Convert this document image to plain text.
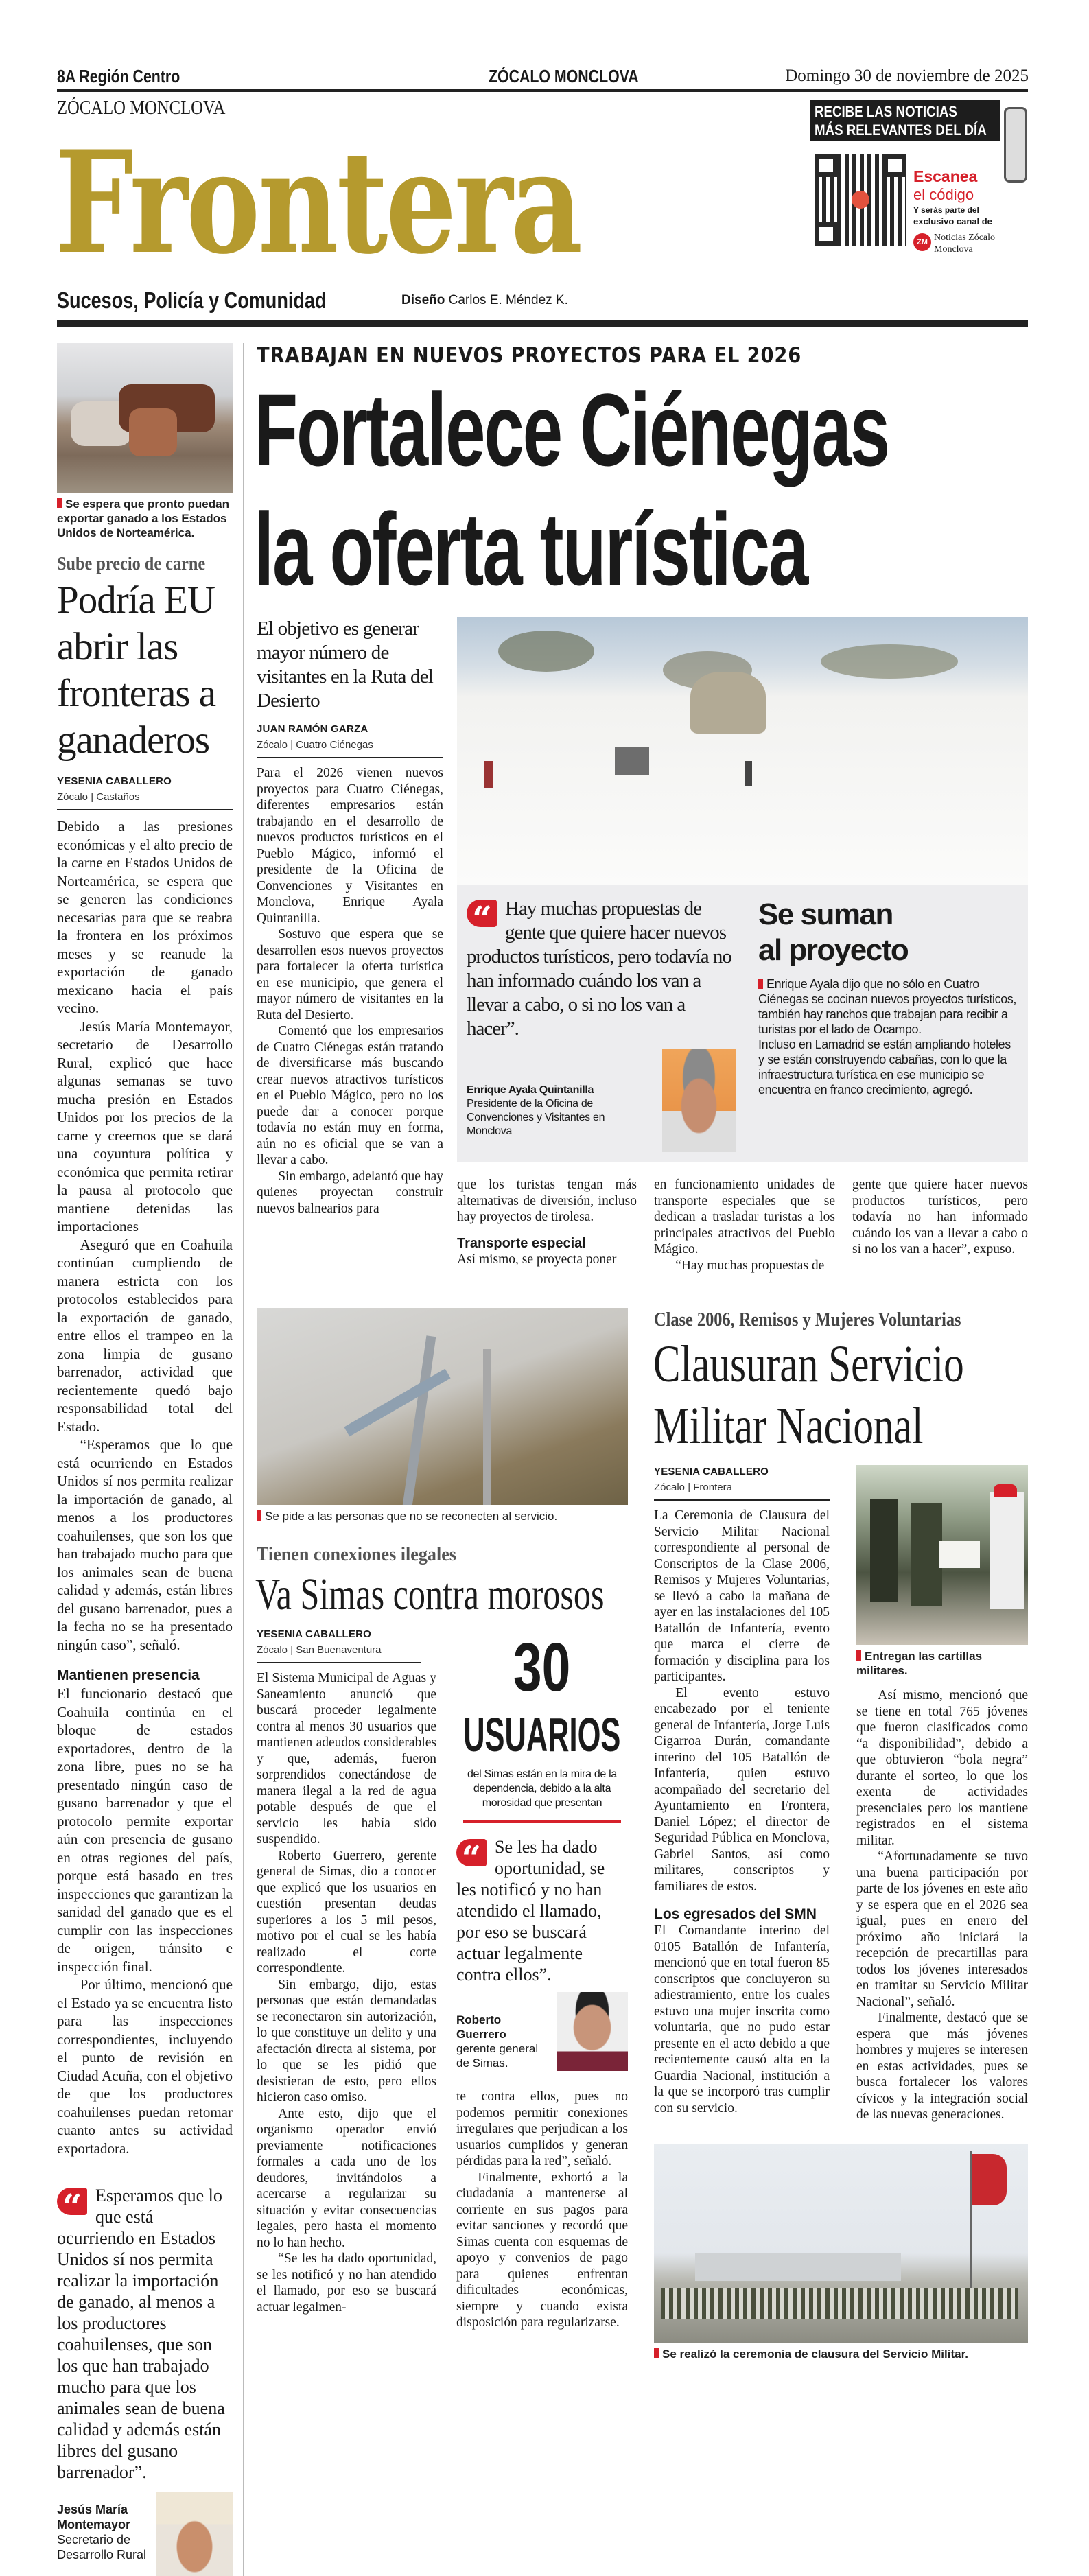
8A Región Centro	ZÓCALO MONCLOVA	Domingo 30 de noviembre de 2025
ZÓCALO MONCLOVA
Frontera
Sucesos, Policía y Comunidad	Diseño Carlos E. Méndez K.
RECIBE LAS NOTICIAS
MÁS RELEVANTES DEL DÍA
Escanea
el código
Y serás parte del
exclusivo canal de
ZM Noticias Zócalo
Monclova
Se espera que pronto puedan exportar ganado a los Estados Unidos de Norteamérica.
Sube precio de carne
Podría EU abrir las fronteras a ganaderos
YESENIA CABALLERO
Zócalo | Castaños

Debido a las presiones económicas y el alto precio de la carne en Estados Unidos de Norteamérica, se espera que se generen las condiciones necesarias para que se reabra la frontera en los próximos meses y se reanude la exportación de ganado mexicano hacia el país vecino.

Jesús María Montemayor, secretario de Desarrollo Rural, explicó que hace algunas semanas se tuvo mucha presión en Estados Unidos por los precios de la carne y creemos que se dará una coyuntura política y económica que permita retirar la pausa al protocolo que mantiene detenidas las importaciones

Aseguró que en Coahuila continúan cumpliendo de manera estricta con los protocolos establecidos para la exportación de ganado, entre ellos el trampeo en la zona limpia de gusano barrenador, actividad que recientemente quedó bajo responsabilidad total del Estado.

“Esperamos que lo que está ocurriendo en Estados Unidos sí nos permita realizar la importación de ganado, al menos a los productores coahuilenses, que son los que han trabajado mucho para que los animales sean de buena calidad y además, están libres del gusano barrenador, pues a la fecha no se ha presentado ningún caso”, señaló.

Mantienen presencia

El funcionario destacó que Coahuila continúa en el bloque de estados exportadores, dentro de la zona libre, pues no se ha presentado ningún caso de gusano barrenador y que el protocolo permite exportar aún con presencia de gusano en otras regiones del país, porque está basado en tres inspecciones que garantizan la sanidad del ganado que es el cumplir con las inspecciones de origen, tránsito e inspección final.

Por último, mencionó que el Estado ya se encuentra listo para las inspecciones correspondientes, incluyendo el punto de revisión en Ciudad Acuña, con el objetivo de que los productores coahuilenses puedan retomar cuanto antes su actividad exportadora.

“ Esperamos que lo que está ocurriendo en Estados Unidos sí nos permita realizar la importación de ganado, al menos a los productores coahuilenses, que son los que han trabajado mucho para que los animales sean de buena calidad y además están libres del gusano barrenador”.
Jesús María Montemayor
Secretario de Desarrollo Rural
TRABAJAN EN NUEVOS PROYECTOS PARA EL 2026
Fortalece Ciénegas
la oferta turística
El objetivo es generar mayor número de visitantes en la Ruta del Desierto
JUAN RAMÓN GARZA
Zócalo | Cuatro Ciénegas

Para el 2026 vienen nuevos proyectos para Cuatro Ciénegas, diferentes empresarios están trabajando en el desarrollo de nuevos productos turísticos en el Pueblo Mágico, informó el presidente de la Oficina de Convenciones y Visitantes en Monclova, Enrique Ayala Quintanilla.

Sostuvo que espera que se desarrollen esos nuevos proyectos para fortalecer la oferta turística en ese municipio, que genera el mayor número de visitantes en la Ruta del Desierto.

Comentó que los empresarios de Cuatro Ciénegas están tratando de diversificarse más buscando crear nuevos atractivos turísticos en el Pueblo Mágico, pero no los puede dar a conocer porque todavía no están muy en forma, aún no es oficial que se van a llevar a cabo.

Sin embargo, adelantó que hay quienes proyectan construir nuevos balnearios para

“ Hay muchas propuestas de gente que quiere hacer nuevos productos turísticos, pero todavía no han informado cuándo los van a llevar a cabo, o si no los van a hacer”.
Enrique Ayala Quintanilla
Presidente de la Oficina de Convenciones y Visitantes en Monclova
Se suman
al proyecto
Enrique Ayala dijo que no sólo en Cuatro Ciénegas se cocinan nuevos proyectos turísticos, también hay ranchos que trabajan para recibir a turistas por el lado de Ocampo.
Incluso en Lamadrid se están ampliando hoteles y se están construyendo cabañas, con lo que la infraestructura turística en ese municipio se encuentra en franco crecimiento, agregó.

que los turistas tengan más alternativas de diversión, incluso hay proyectos de tirolesa.

Transporte especial

Así mismo, se proyecta poner

en funcionamiento unidades de transporte especiales que se dedican a trasladar turistas a los principales atractivos del Pueblo Mágico.

“Hay muchas propuestas de

gente que quiere hacer nuevos productos turísticos, pero todavía no han informado cuándo los van a llevar a cabo o si no los van a hacer”, expuso.

Se pide a las personas que no se reconecten al servicio.
Tienen conexiones ilegales
Va Simas contra morosos
YESENIA CABALLERO
Zócalo | San Buenaventura

El Sistema Municipal de Aguas y Saneamiento anunció que buscará proceder legalmente contra al menos 30 usuarios que mantienen adeudos considerables y que, además, fueron sorprendidos conectándose de manera ilegal a la red de agua potable después de que el servicio les había sido suspendido.

Roberto Guerrero, gerente general de Simas, dio a conocer que explicó que los usuarios en cuestión presentan deudas superiores a los 5 mil pesos, motivo por el cual se les había realizado el corte correspondiente.

Sin embargo, dijo, estas personas que están demandadas se reconectaron sin autorización, lo que constituye un delito y una afectación directa al sistema, por lo que se les pidió que desistieran de esto, pero ellos hicieron caso omiso.

Ante esto, dijo que el organismo operador envió previamente notificaciones formales a cada uno de los deudores, invitándolos a acercarse a regularizar su situación y evitar consecuencias legales, pero hasta el momento no lo han hecho.

“Se les ha dado oportunidad, se les notificó y no han atendido el llamado, por eso se buscará actuar legalmen-

30
USUARIOS
del Simas están en la mira de la dependencia, debido a la alta morosidad que presentan
“ Se les ha dado oportunidad, se les notificó y no han atendido el llamado, por eso se buscará actuar legalmente contra ellos”.
Roberto Guerrero
gerente general de Simas.

te contra ellos, pues no podemos permitir conexiones irregulares que perjudican a los usuarios cumplidos y generan pérdidas para la red”, señaló.

Finalmente, exhortó a la ciudadanía a mantenerse al corriente en sus pagos para evitar sanciones y recordó que Simas cuenta con esquemas de apoyo y convenios de pago para quienes enfrentan dificultades económicas, siempre y cuando exista disposición para regularizarse.

Clase 2006, Remisos y Mujeres Voluntarias
Clausuran Servicio Militar Nacional
YESENIA CABALLERO
Zócalo | Frontera

La Ceremonia de Clausura del Servicio Militar Nacional correspondiente al personal de Conscriptos de la Clase 2006, Remisos y Mujeres Voluntarias, se llevó a cabo la mañana de ayer en las instalaciones del 105 Batallón de Infantería, evento que marca el cierre de formación y disciplina para los participantes.

El evento estuvo encabezado por el teniente general de Infantería, Jorge Luis Cigarroa Durán, comandante interino del 105 Batallón de Infantería, quien estuvo acompañado del secretario del Ayuntamiento en Frontera, Daniel López; el director de Seguridad Pública en Monclova, Gabriel Santos, así como militares, conscriptos y familiares de estos.

Los egresados del SMN

El Comandante interino del 0105 Batallón de Infantería, mencionó que en total fueron 85 conscriptos que concluyeron su adiestramiento, entre los cuales estuvo una mujer inscrita como voluntaria, que no pudo estar presente en el acto debido a que recientemente causó alta en la Guardia Nacional, institución a la que se incorporó tras cumplir con su servicio.

Entregan las cartillas militares.

Así mismo, mencionó que se tiene en total 765 jóvenes que fueron clasificados como “a disponibilidad”, debido a que obtuvieron “bola negra” durante el sorteo, lo que los exenta de actividades presenciales pero los mantiene registrados en el sistema militar.

“Afortunadamente se tuvo una buena participación por parte de los jóvenes en este año y se espera que en el 2026 sea igual, pues en enero del próximo año iniciará la recepción de precartillas para todos los jóvenes interesados en tramitar su Servicio Militar Nacional”, señaló.

Finalmente, destacó que se espera que más jóvenes hombres y mujeres se interesen en estas actividades, pues se busca fortalecer los valores cívicos y la integración social de las nuevas generaciones.

Se realizó la ceremonia de clausura del Servicio Militar.
